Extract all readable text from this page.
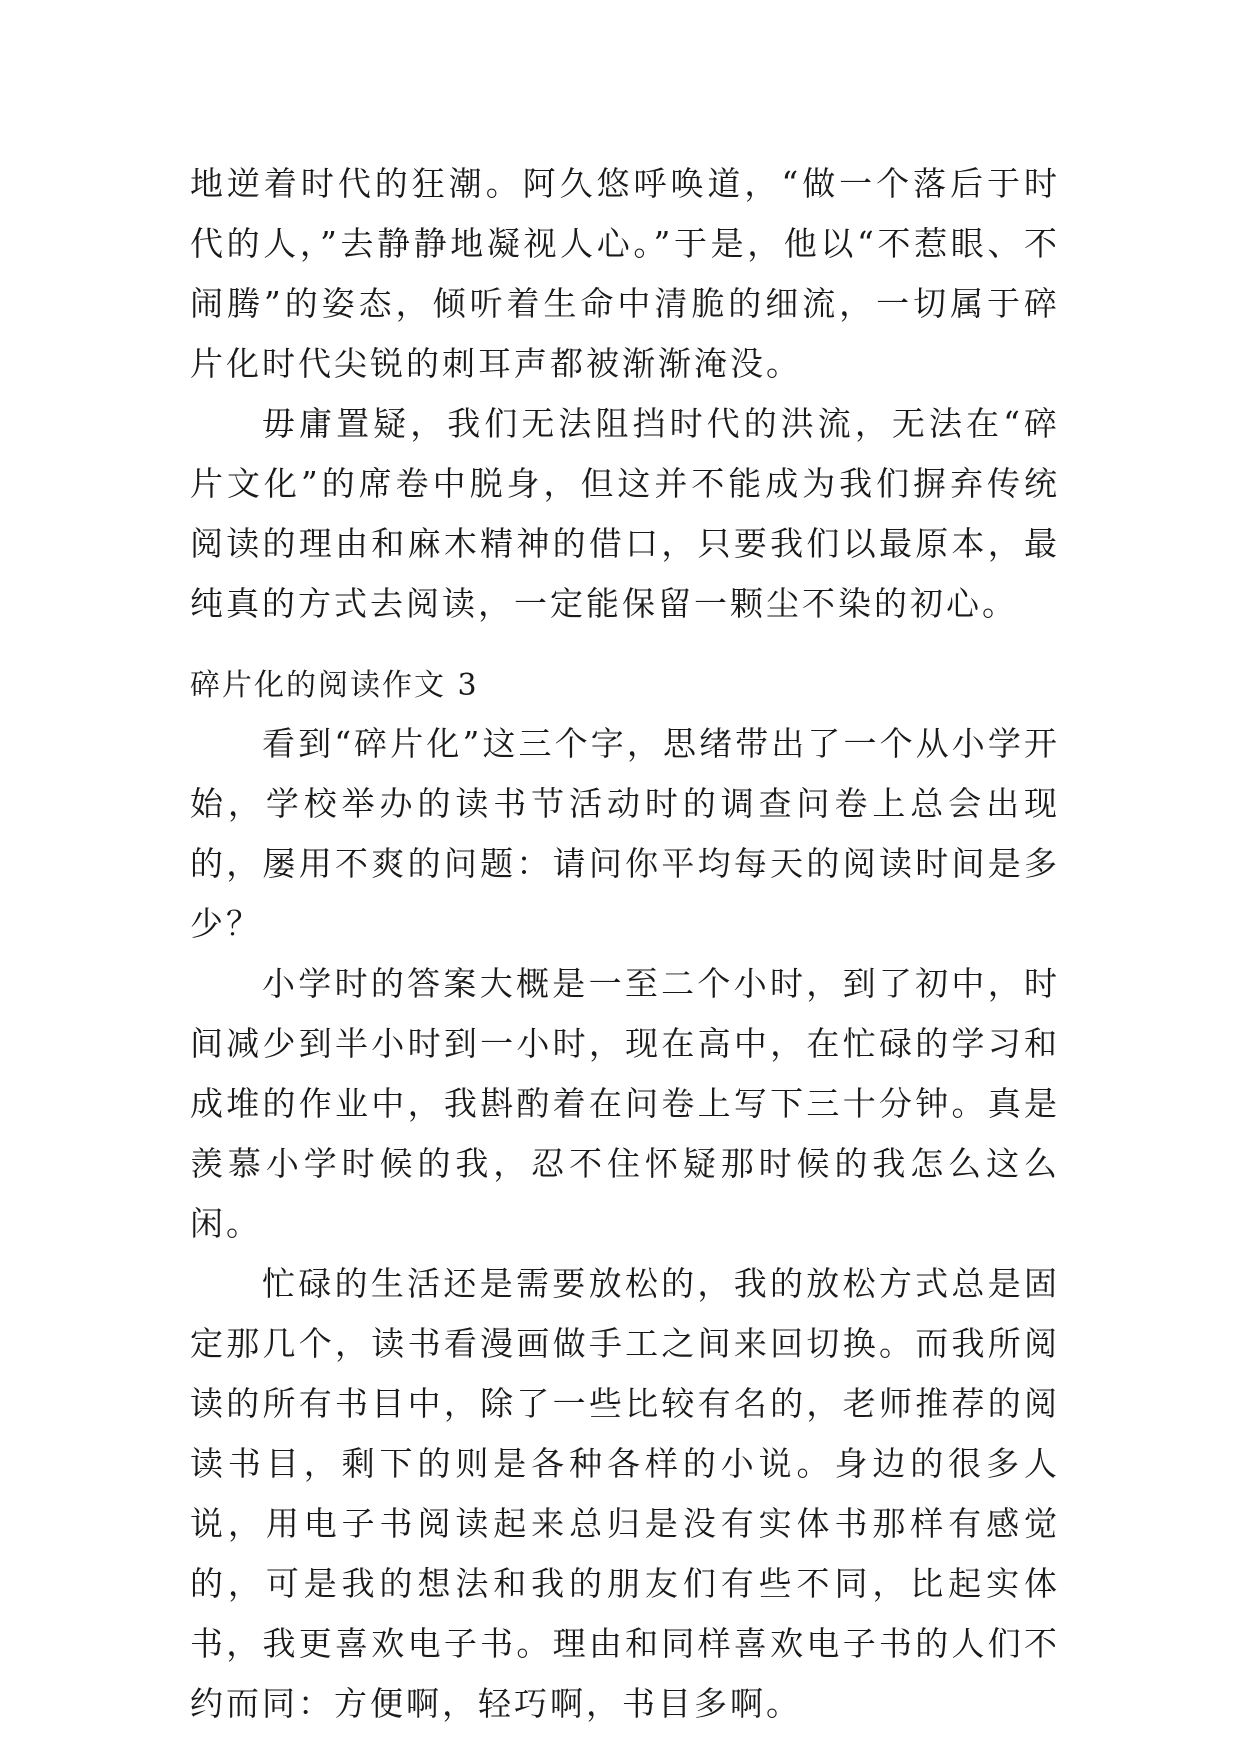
地逆着时代的狂潮。阿久悠呼唤道，“做一个落后于时代的人，”去静静地凝视人心。”于是，他以“不惹眼、不闹腾”的姿态，倾听着生命中清脆的细流，一切属于碎片化时代尖锐的刺耳声都被渐渐淹没。

毋庸置疑，我们无法阻挡时代的洪流，无法在“碎片文化”的席卷中脱身，但这并不能成为我们摒弃传统阅读的理由和麻木精神的借口，只要我们以最原本，最纯真的方式去阅读，一定能保留一颗尘不染的初心。

碎片化的阅读作文 3

看到“碎片化”这三个字，思绪带出了一个从小学开始，学校举办的读书节活动时的调查问卷上总会出现的，屡用不爽的问题：请问你平均每天的阅读时间是多少？

小学时的答案大概是一至二个小时，到了初中，时间减少到半小时到一小时，现在高中，在忙碌的学习和成堆的作业中，我斟酌着在问卷上写下三十分钟。真是羡慕小学时候的我，忍不住怀疑那时候的我怎么这么闲。

忙碌的生活还是需要放松的，我的放松方式总是固定那几个，读书看漫画做手工之间来回切换。而我所阅读的所有书目中，除了一些比较有名的，老师推荐的阅读书目，剩下的则是各种各样的小说。身边的很多人说，用电子书阅读起来总归是没有实体书那样有感觉的，可是我的想法和我的朋友们有些不同，比起实体书，我更喜欢电子书。理由和同样喜欢电子书的人们不约而同：方便啊，轻巧啊，书目多啊。
